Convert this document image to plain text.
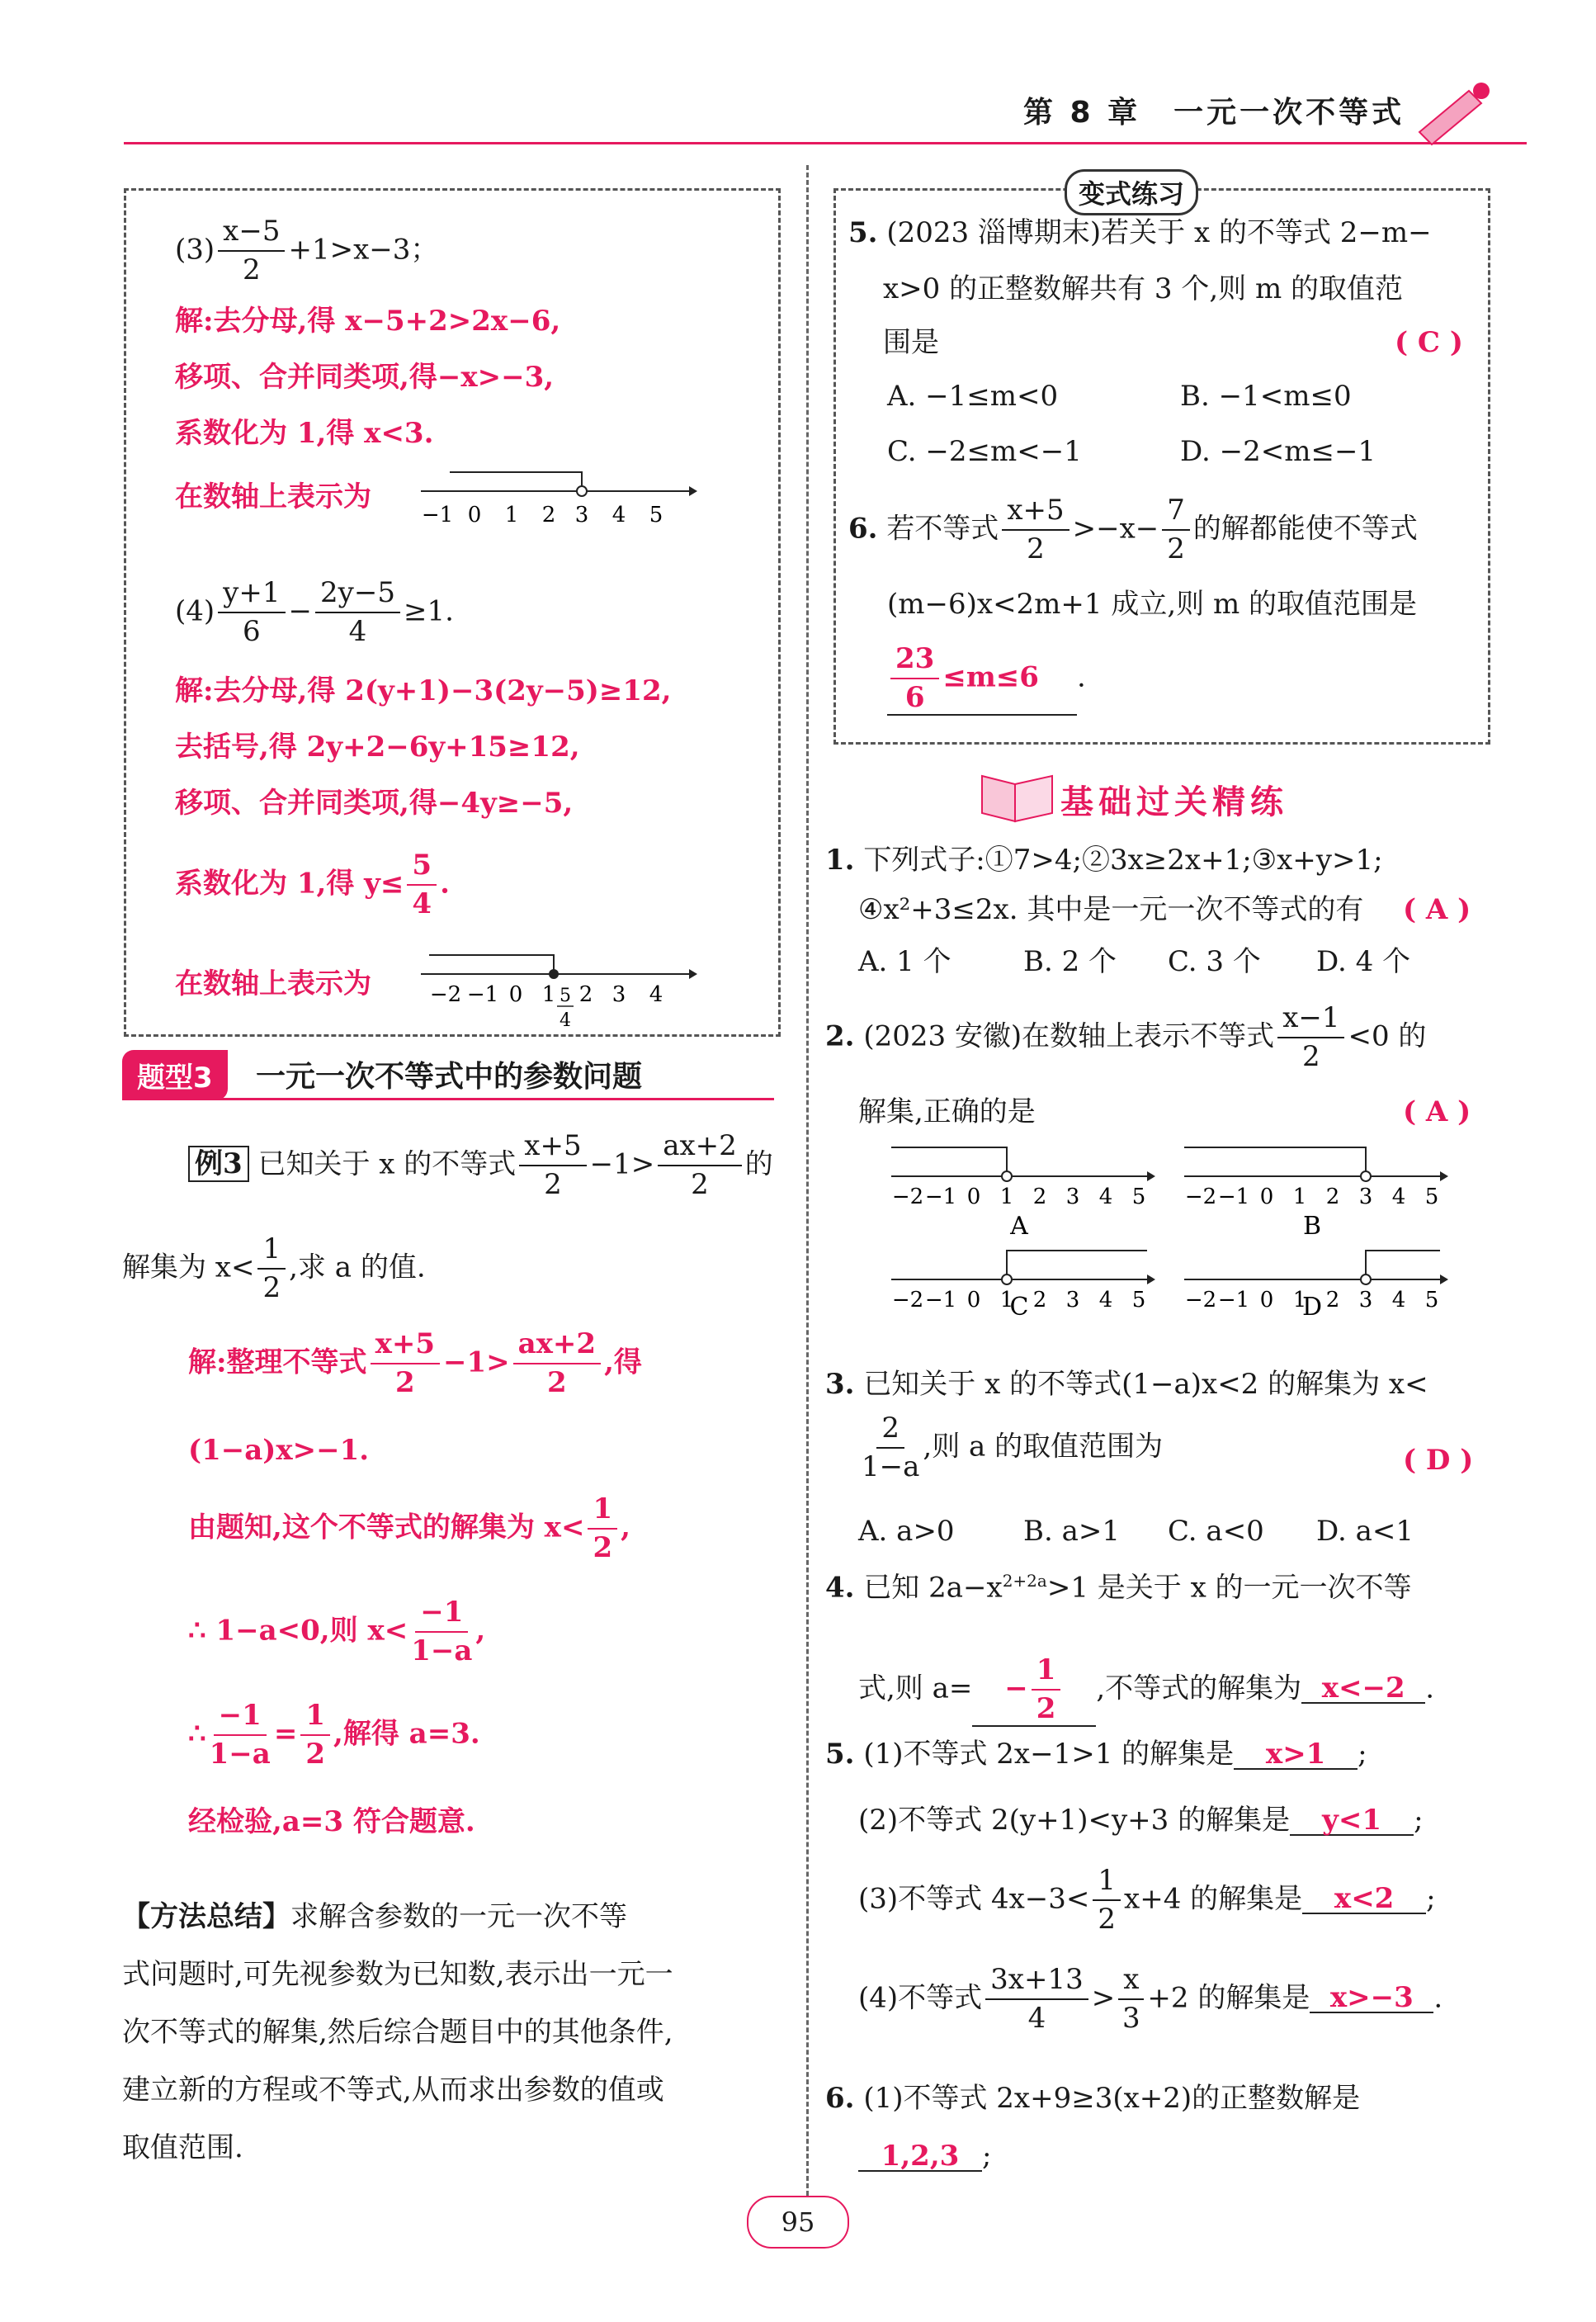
第 8 章　一元一次不等式
$(3) \frac{x-5}{2} +1>x-3$；
解:去分母,得 x−5+2>2x−6,
移项、合并同类项,得−x>−3,
系数化为 1,得 x<3.
在数轴上表示为
−1 0 1 2 3 4 5
$(4) \frac{y+1}{6} - \frac{2y-5}{4} \ge 1$.
解:去分母,得 2(y+1)−3(2y−5)≥12,
去括号,得 2y+2−6y+15≥12,
移项、合并同类项,得−4y≥−5,
系数化为 1,得 $y\le \frac{5}{4}$ .
在数轴上表示为	−2 −1 0 1 2 3 4
5
4
题型3	一元一次不等式中的参数问题
例3 已知关于 x 的不等式 $\frac{x+5}{2} -1> \frac{ax+2}{2}$ 的
解集为 $x< \frac{1}{2}$ ,求 a 的值.
解:整理不等式 $\frac{x+5}{2} -1> \frac{ax+2}{2}$ ,得
(1−a)x>−1.
由题知,这个不等式的解集为 $x< \frac{1}{2}$ ,
∴ 1−a<0,则 $x< \frac{-1}{1-a}$ ,
∴ $\frac{-1}{1-a} = \frac{1}{2}$ ,解得 a=3.
经检验,a=3 符合题意.
【方法总结】求解含参数的一元一次不等
式问题时,可先视参数为已知数,表示出一元一
次不等式的解集,然后综合题目中的其他条件,
建立新的方程或不等式,从而求出参数的值或
取值范围.
变式练习
5. (2023 淄博期末)若关于 x 的不等式 2−m−
x>0 的正整数解共有 3 个,则 m 的取值范
围是	( C )
A. −1≤m<0	B. −1<m≤0
C. −2≤m<−1	D. −2<m≤−1
6. 若不等式 $\frac{x+5}{2} >-x- \frac{7}{2}$ 的解都能使不等式
(m−6)x<2m+1 成立,则 m 的取值范围是
$\frac{23}{6} \le m\le 6$ .
基础过关精练
1. 下列式子:①7>4;②3x≥2x+1;③x+y>1;
④x²+3≤2x. 其中是一元一次不等式的有 ( A )
A. 1 个	B. 2 个 C. 3 个 D. 4 个
2. (2023 安徽)在数轴上表示不等式 $\frac{x-1}{2} <0$ 的
解集,正确的是	( A )
A	B
C	D
−2 −1 0 1 2 3 4 5 −2 −1 0 1 2 3 4 5
−2 −1 0 1 2 3 4 5 −2 −1 0 1 2 3 4 5
3. 已知关于 x 的不等式(1−a)x<2 的解集为 x<
$\frac{2}{1-a}$ ,则 a 的取值范围为	( D )
A. a>0 B. a>1 C. a<0 D. a<1
4. 已知 $2a-x^{2+2a}>1$ 是关于 x 的一元一次不等
式,则 $a= - \frac{1}{2}$ ,不等式的解集为 x<−2 .
5. (1)不等式 2x−1>1 的解集是 x>1 ;
(2)不等式 2(y+1)<y+3 的解集是 y<1 ;
(3)不等式 $4x-3< \frac{1}{2} x+4$ 的解集是 x<2 ;
(4)不等式 $\frac{3x+13}{4} > \frac{x}{3} +2$ 的解集是 x>−3 .
6. (1)不等式 2x+9≥3(x+2)的正整数解是
1,2,3 ;
95
